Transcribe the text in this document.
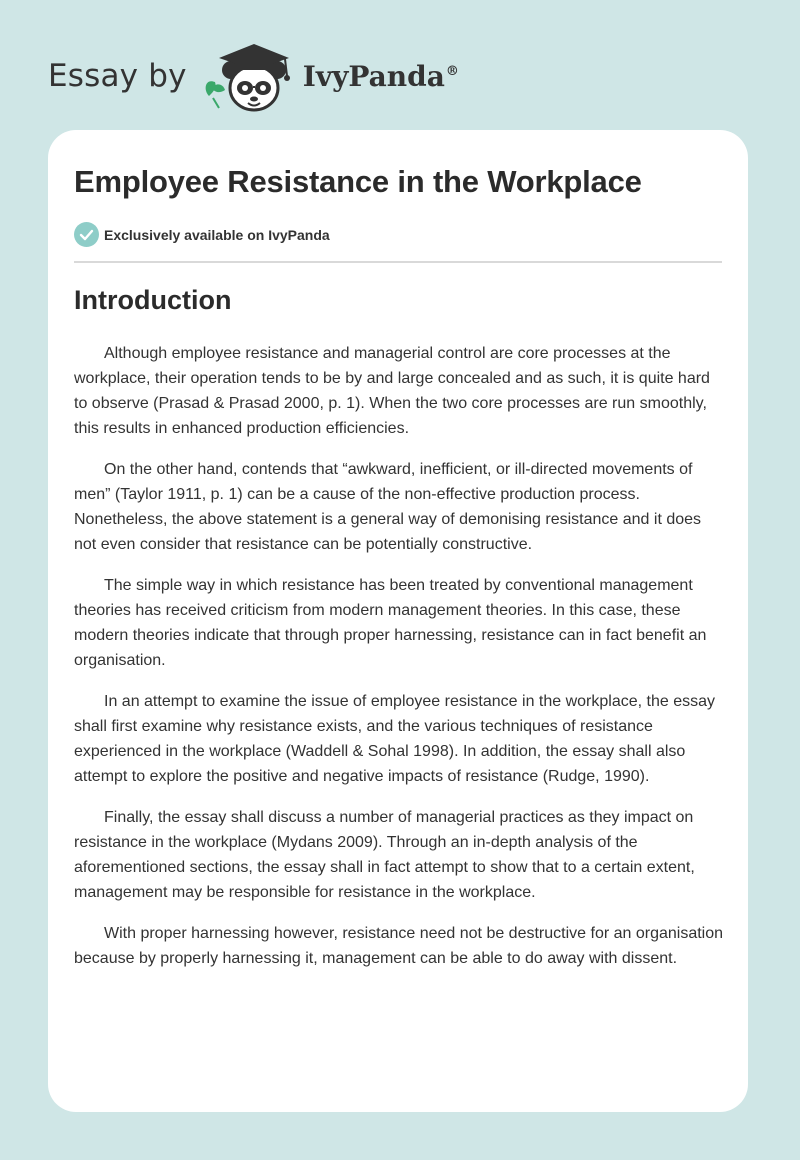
Essay by	IvyPanda®
Employee Resistance in the Workplace
Exclusively available on IvyPanda
Introduction

Although employee resistance and managerial control are core processes at the workplace, their operation tends to be by and large concealed and as such, it is quite hard to observe (Prasad & Prasad 2000, p. 1). When the two core processes are run smoothly, this results in enhanced production efficiencies.

On the other hand, contends that “awkward, inefficient, or ill-directed movements of men” (Taylor 1911, p. 1) can be a cause of the non-effective production process. Nonetheless, the above statement is a general way of demonising resistance and it does not even consider that resistance can be potentially constructive.

The simple way in which resistance has been treated by conventional management theories has received criticism from modern management theories. In this case, these modern theories indicate that through proper harnessing, resistance can in fact benefit an organisation.

In an attempt to examine the issue of employee resistance in the workplace, the essay shall first examine why resistance exists, and the various techniques of resistance experienced in the workplace (Waddell & Sohal 1998). In addition, the essay shall also attempt to explore the positive and negative impacts of resistance (Rudge, 1990).

Finally, the essay shall discuss a number of managerial practices as they impact on resistance in the workplace (Mydans 2009). Through an in-depth analysis of the aforementioned sections, the essay shall in fact attempt to show that to a certain extent, management may be responsible for resistance in the workplace.

With proper harnessing however, resistance need not be destructive for an organisation because by properly harnessing it, management can be able to do away with dissent.
